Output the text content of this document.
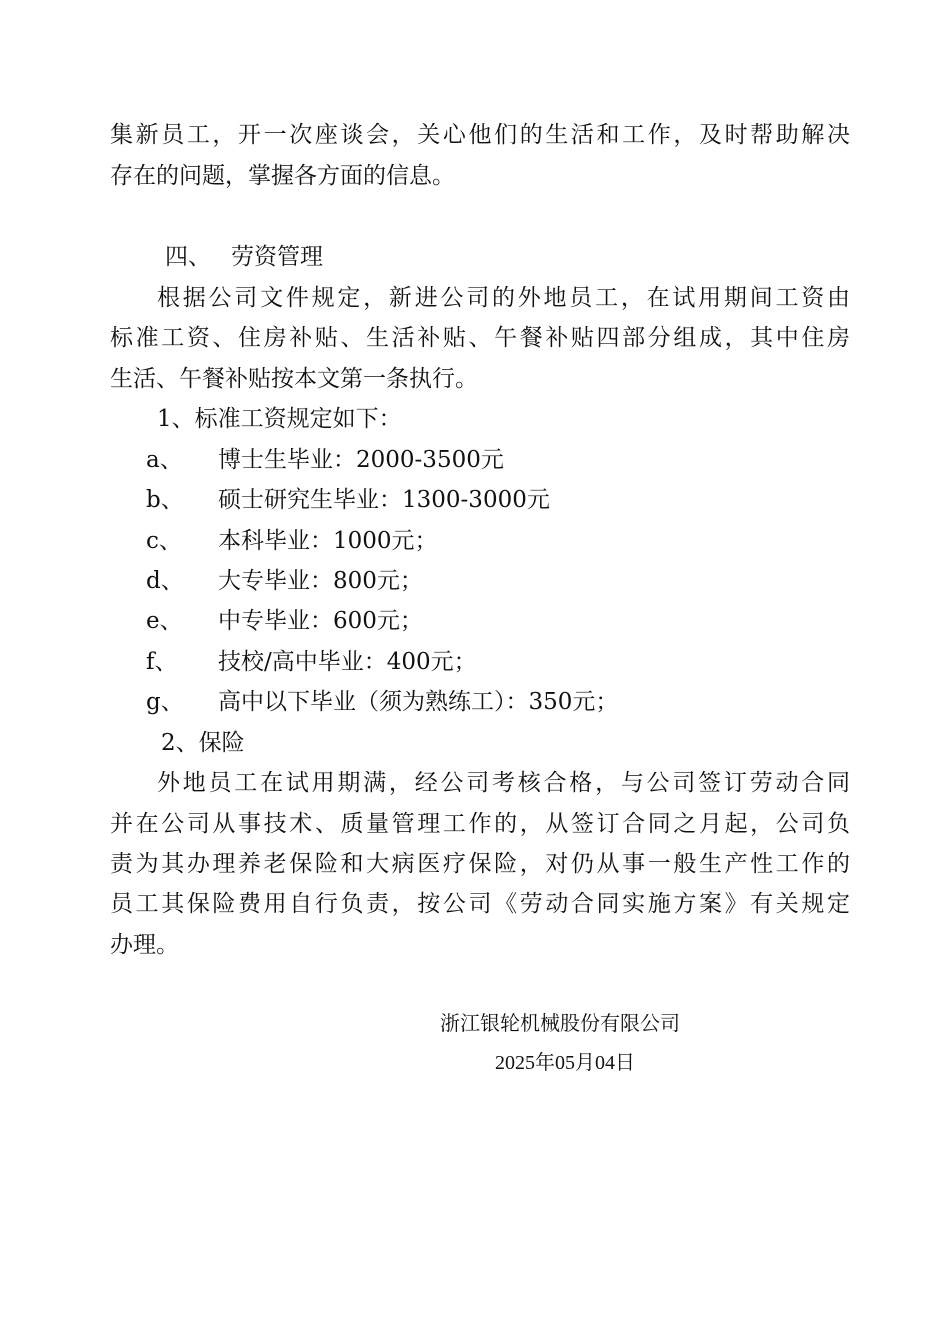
集新员工，开一次座谈会，关心他们的生活和工作，及时帮助解决
存在的问题，掌握各方面的信息。
四、 劳资管理
根据公司文件规定，新进公司的外地员工，在试用期间工资由
标准工资、住房补贴、生活补贴、午餐补贴四部分组成，其中住房
生活、午餐补贴按本文第一条执行。
1、标准工资规定如下：
a、 博士生毕业：2000-3500元
b、 硕士研究生毕业：1300-3000元
c、 本科毕业：1000元；
d、 大专毕业：800元；
e、 中专毕业：600元；
f、 技校/高中毕业：400元；
g、 高中以下毕业（须为熟练工）：350元；
2、保险
外地员工在试用期满，经公司考核合格，与公司签订劳动合同
并在公司从事技术、质量管理工作的，从签订合同之月起，公司负
责为其办理养老保险和大病医疗保险，对仍从事一般生产性工作的
员工其保险费用自行负责，按公司《劳动合同实施方案》有关规定
办理。
浙江银轮机械股份有限公司
2025年05月04日
